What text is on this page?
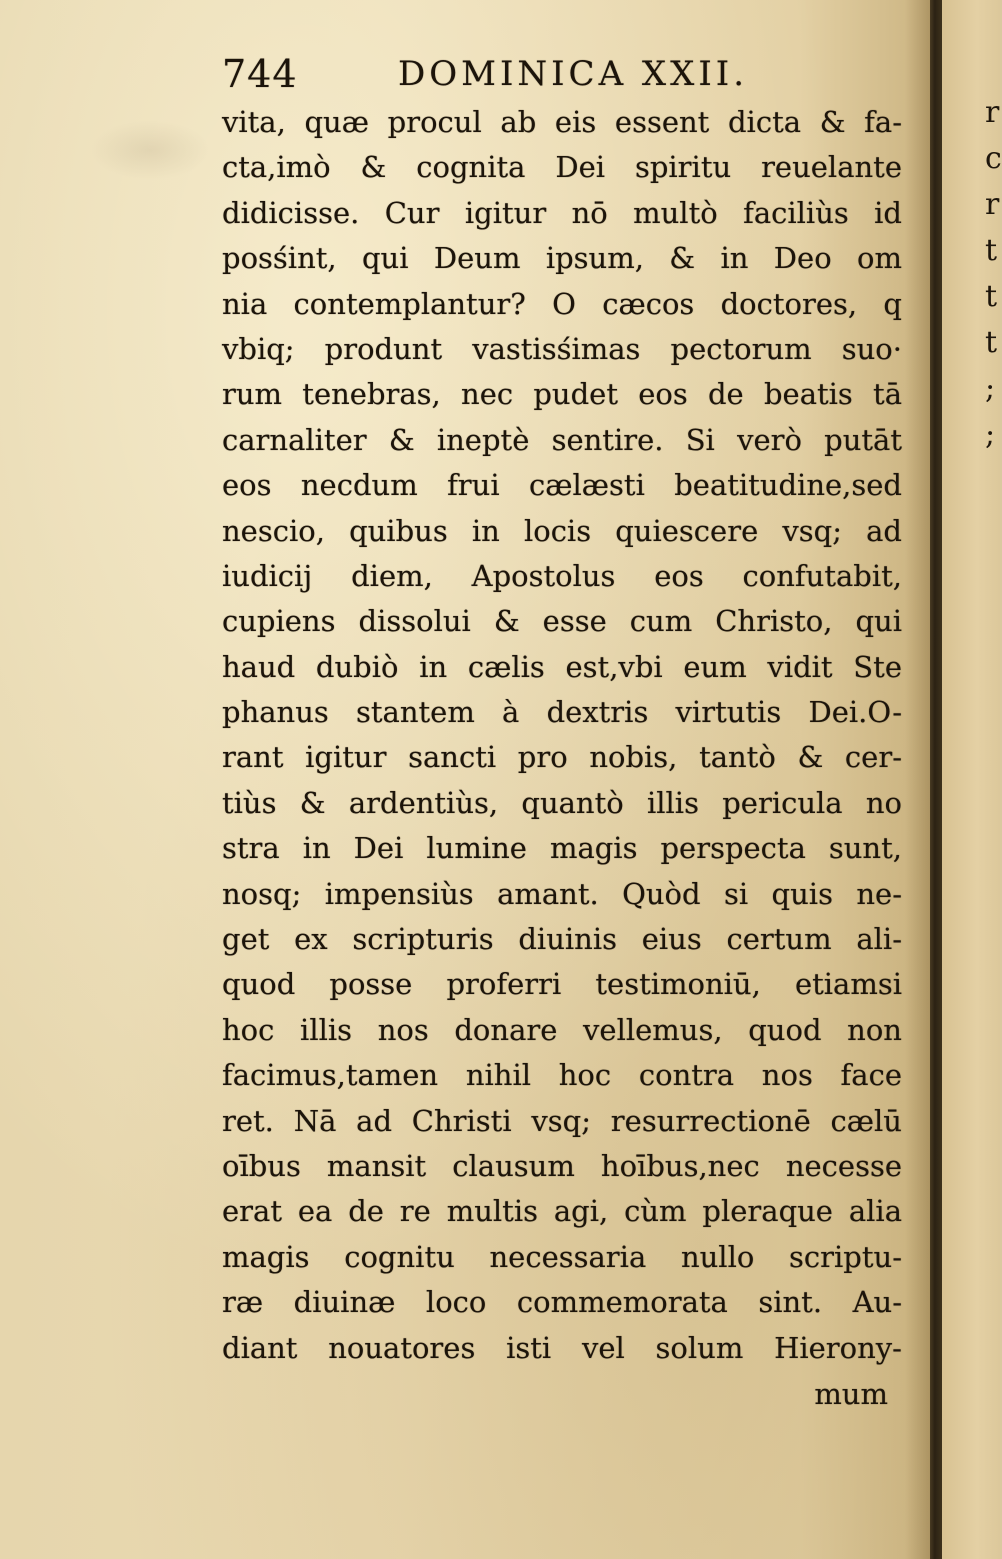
744	DOMINICA XXII.
vita, quæ procul ab eis essent dicta & fa-
cta,imò & cognita Dei spiritu reuelante
didicisse. Cur igitur nō multò faciliùs id
posśint, qui Deum ipsum, & in Deo om
nia contemplantur? O cæcos doctores, q
vbiq; produnt vastisśimas pectorum suo·
rum tenebras, nec pudet eos de beatis tā
carnaliter & ineptè sentire. Si verò putāt
eos necdum frui cælæsti beatitudine,sed
nescio, quibus in locis quiescere vsq; ad
iudicij diem, Apostolus eos confutabit,
cupiens dissolui & esse cum Christo, qui
haud dubiò in cælis est,vbi eum vidit Ste
phanus stantem à dextris virtutis Dei.O-
rant igitur sancti pro nobis, tantò & cer-
tiùs & ardentiùs, quantò illis pericula no
stra in Dei lumine magis perspecta sunt,
nosq; impensiùs amant. Quòd si quis ne-
get ex scripturis diuinis eius certum ali-
quod posse proferri testimoniū, etiamsi
hoc illis nos donare vellemus, quod non
facimus,tamen nihil hoc contra nos face
ret. Nā ad Christi vsq; resurrectionē cælū
oībus mansit clausum hoībus,nec necesse
erat ea de re multis agi, cùm pleraque alia
magis cognitu necessaria nullo scriptu-
ræ diuinæ loco commemorata sint. Au-
diant nouatores isti vel solum Hierony-
mum
r
c
r
t
t
t
;
;
